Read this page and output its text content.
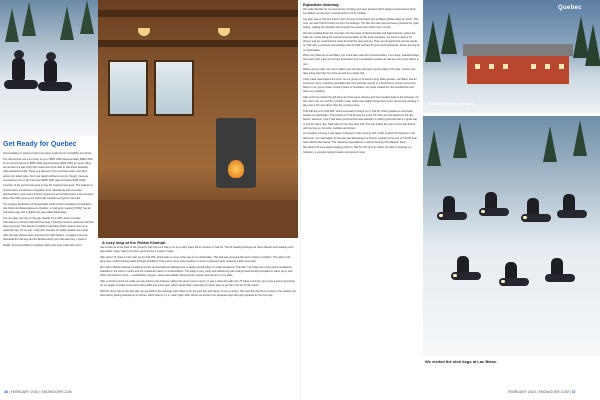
A cozy stop at the Relais Kiwinak.
Get Ready for Quebec

Snowmobilers in Quebec trails must have a trail permit and liability insurance.

The trail permits are a lot pricey at up to $550 CND (approximately $380 USD) for an annual permit or $360 CND (approximately $260 USD) for seven days, but we feel it is well worth the investment to be able to ride these beautiful, well-maintained trails. There is a discount if you purchase early, and other options for fewer days. Don't get caught without a permit, though, because overhearing one on the trail costs $600 CND (approximately $435 USD).

A portion of the permit cost goes to pay the required insurance. The balance is split between a volunteer recognition fund, advertising and promotion, administrative costs and a fund for equipment and infrastructure improvements. More than 50% goes to the clubs that maintain and groom the trails.

The Quebec Federation of Snowmobile Clubs (which translates to Fédération des Clubs de Motoneigistes du Québec, or trail signs reading FCMQ) has an interactive app with a digital trail map called iMotoneige.

You can plan your trip on the app, decide for a GPS, and it provides information on closed trails and how long it has been since a particular trail has been groomed. This feature is helpful in deciding which route to take on a particular day. On our trip, Cody who reached out (have loaded upon what trails the app showed were groomed the night before). I suggest everyone download the trail app and be flexible about your ride each day. I loved it!

Finally, all snowmobiles on Quebec trails must have a left-side mirror.

was a trail out of the back of the property that took us a mile or so up a fairly steep hill to connect to Trail 63. The 63 heading Auberge du Vieux-Moulin and heading north was a little rough, having not been groomed for a couple of days.

After about 15 miles on this trail, we hit Trail 350, which took us most of the way to our destination. This trail was groomed flat and in pristine condition. The trails in the area were mostly twisting paths through woodland. There were some steep sections of more overgrown trees requiring a little more care.

We rode to Relais Kiwinak, located at Centre du Parcrejeune Mastigouche, a family-owned lodge on a lake located on Trail 340. The lodge has rooms accommodations available in the winter months and the restaurant caters to snowmobilers. The lodge is very rustic and welcoming with a large wood-burning fireplace to warm up by and offers the basics for food — sandwiches, burgers, soups and salads ordered at the counter and served to your table.

After a relaxing lunch we made our way back to the Auberge, taking the same route to return. It was a short day with only 75 miles round trip, but it was a good opportunity for our leader to judge everyone's riding skills and snow gear, which would help in planning for future days to get the most out of the region.

With the short ride on this first day, we got back to the Auberge and fueled up for the next day with plenty of time to spare. We used this free time to relax in the outdoor hot tubs before getting cleaned up for dinner, which was at 7 p.m. each night. After dinner we all went our separate ways and got prepared for the next day.

36 | FEBRUARY 2020 | SNOWGOER.COM
Exploration Underway

We woke Monday for our second day of riding and were greeted with 0-degree temperatures when we walked out the door. It would climb to 10 by midday.

Our plan was to ride 112 miles in the morning to Parcvolée du Lac Blanc (White Lake) for lunch. This time, we took Trail 63 south out from the Auberge. The first 20 miles had just been groomed the night before, making the beautiful ride through the woods even better than normal.

We then headed down the mountain into the towns of Sainte-Émélie and Saint-Damien, where the trails ran mostly along the road and across fields. At this lower elevation, the snow is quite a bit thinner and we could feel the rocks beneath the skis at times. Then we plunged back into the woods on Trail 340, a narrower and winding path through patches of pines and hardwoods, before arriving at our destination.

When we pulled up to Lac Blanc, the entire lawn was full of snowmobiles. It is a large, beautiful lodge, and resort with a bar and lounge downstairs and a restaurant upstairs as well as rooms and cabins to rent.

Before going inside, we took a walk to see the dog sled teams at the edge of the lake. Visitors can take a dog sled ride from here as well as a sleigh ride.

Cody made reservations for lunch, so our group of 12 sat at a long table upstairs. Lac Blanc has an extensive menu, including specialties like trout chowder served in a bread bowl, entrées and a few fishes in our group chose. Nothing flavor of chowders, we opted instead for club sandwiches and were very satisfied.

After lunch we visited the gift shop and took some pictures and then headed back to the Auberge. On this return trip, we took the northern route, which was slightly longer but not as narrow and winding. It also was a bit more direct than the morning route.

Trail 340 led us to Trail 350, which eventually brought us to Trail 63, which guided us north back toward our destination. This portion of Trail 63 was the same 23 miles we had started on the day before. However, now it had been groomed and was beautiful. A freshly groomed trail is a great way to end the day's ride. Total miles for the day were 125. The day ended the same as the day before with fuel top up, hot tubs, cocktails and dinner.

On Tuesday morning it was again 0 degrees in the morning with a high of about 15 degrees in the afternoon. Our destination for the day was Restaurant Le Tourne, located at the end of Trail 63 near Saint-Michel-des-Saints. The restaurant specializes in cuisine honoring the Matawin River.

We started off once again heading north on Trail 63, this time for about 15 miles to Auberge Le Cabanon, a popular lodging location and ground meal

Quebec
Pourvoirie du Lac Blanc.
We visited the sled dogs at Lac Blanc.
FEBRUARY 2020 | SNOWGOER.COM | 37
